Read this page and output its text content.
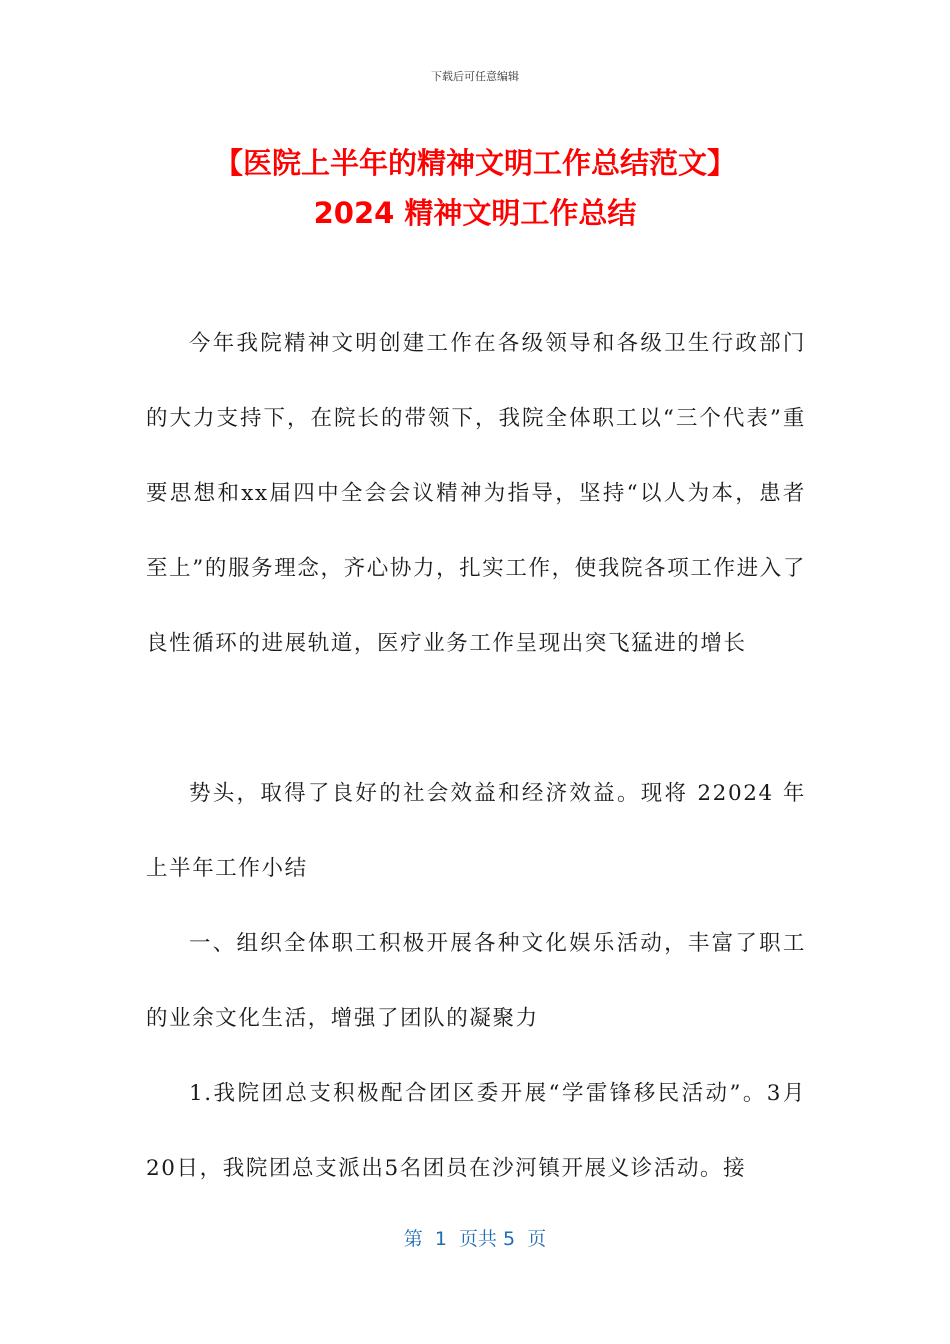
下载后可任意编辑
【医院上半年的精神文明工作总结范文】
2024 精神文明工作总结

今年我院精神文明创建工作在各级领导和各级卫生行政部门的大力支持下，在院长的带领下，我院全体职工以“三个代表”重要思想和xx届四中全会会议精神为指导，坚持“以人为本，患者至上”的服务理念，齐心协力，扎实工作，使我院各项工作进入了良性循环的进展轨道，医疗业务工作呈现出突飞猛进的增长

势头，取得了良好的社会效益和经济效益。现将 22024 年上半年工作小结

一、组织全体职工积极开展各种文化娱乐活动，丰富了职工的业余文化生活，增强了团队的凝聚力

1.我院团总支积极配合团区委开展“学雷锋移民活动”。3月20日，我院团总支派出5名团员在沙河镇开展义诊活动。接

第  1  页共 5  页
